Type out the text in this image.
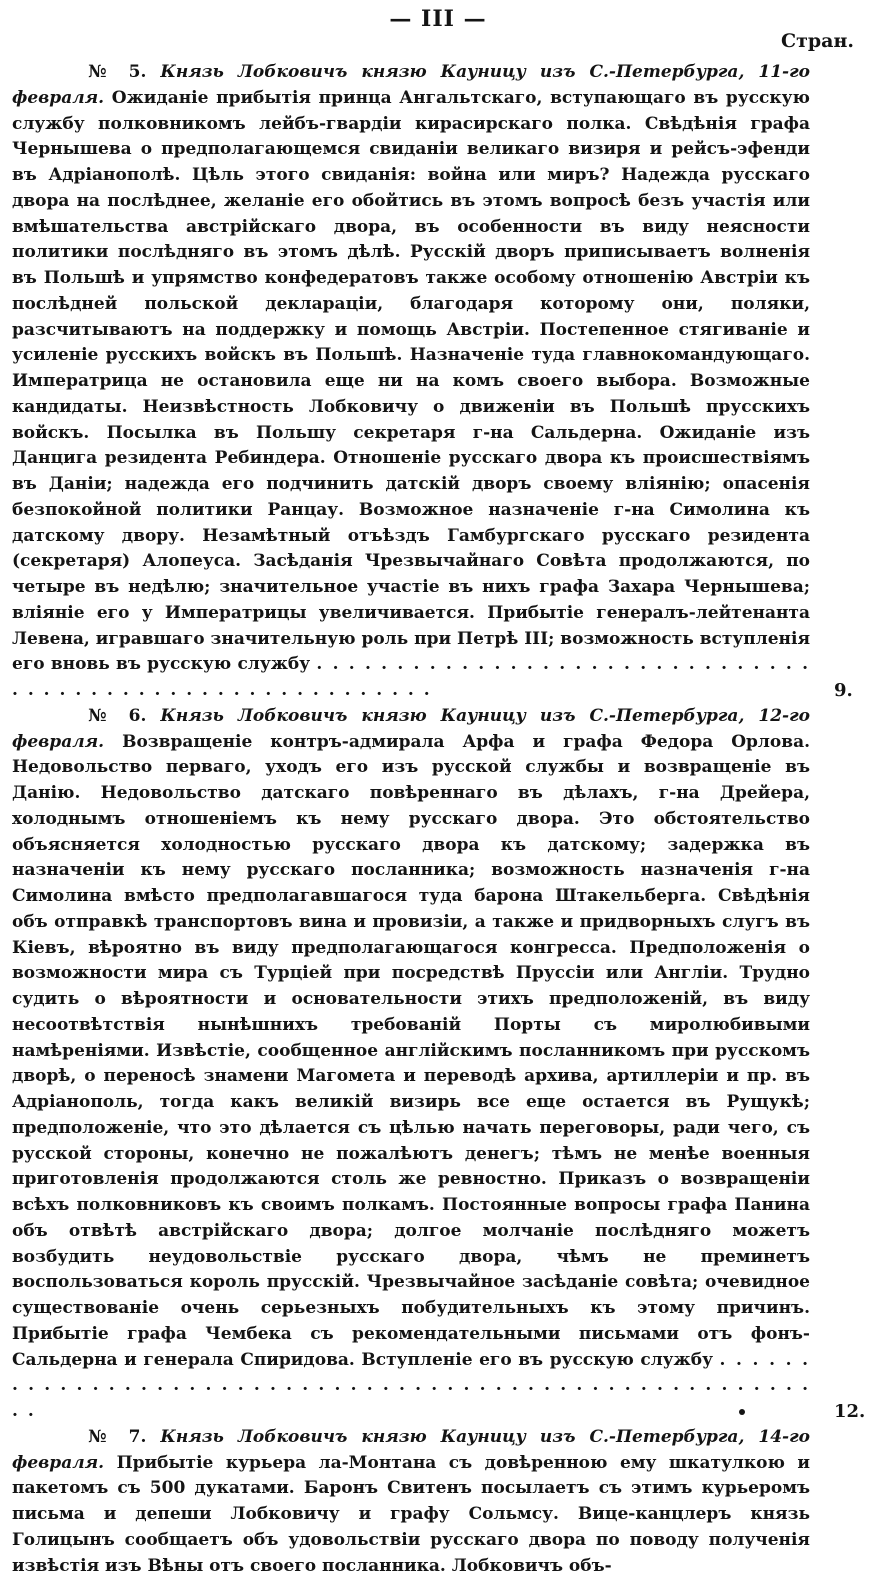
— III —
Стран.

№ 5. Князь Лобковичъ князю Кауницу изъ С.-Петербурга, 11-го февраля. Ожиданіе прибытія принца Ангальтскаго, вступающаго въ русскую службу полковникомъ лейбъ-гвардіи кирасирскаго полка. Свѣдѣнія графа Чернышева о предполагающемся свиданіи великаго визиря и рейсъ-эфенди въ Адріанополѣ. Цѣль этого свиданія: война или миръ? Надежда русскаго двора на послѣднее, желаніе его обойтись въ этомъ вопросѣ безъ участія или вмѣшательства австрійскаго двора, въ особенности въ виду неясности политики послѣдняго въ этомъ дѣлѣ. Русскій дворъ приписываетъ волненія въ Польшѣ и упрямство конфедератовъ также особому отношенію Австріи къ послѣдней польской деклараціи, благодаря которому они, поляки, разсчитываютъ на поддержку и помощь Австріи. Постепенное стягиваніе и усиленіе русскихъ войскъ въ Польшѣ. Назначеніе туда главнокомандующаго. Императрица не остановила еще ни на комъ своего выбора. Возможные кандидаты. Неизвѣстность Лобковичу о движеніи въ Польшѣ прусскихъ войскъ. Посылка въ Польшу секретаря г-на Сальдерна. Ожиданіе изъ Данцига резидента Ребиндера. Отношеніе русскаго двора къ происшествіямъ въ Даніи; надежда его подчинить датскій дворъ своему вліянію; опасенія безпокойной политики Ранцау. Возможное назначеніе г-на Симолина къ датскому двору. Незамѣтный отъѣздъ Гамбургскаго русскаго резидента (секретаря) Алопеуса. Засѣданія Чрезвычайнаго Совѣта продолжаются, по четыре въ недѣлю; значительное участіе въ нихъ графа Захара Чернышева; вліяніе его у Императрицы увеличивается. Прибытіе генералъ-лейтенанта Левена, игравшаго значительную роль при Петрѣ III; возможность вступленія его вновь въ русскую службу . . . . . . . . . . . . . . . . . . . . . . . . . . . . . . . . . . . . . . . . . . . . . . . . . . . . . . . . . .

№ 6. Князь Лобковичъ князю Кауницу изъ С.-Петербурга, 12-го февраля. Возвращеніе контръ-адмирала Арфа и графа Федора Орлова. Недовольство перваго, уходъ его изъ русской службы и возвращеніе въ Данію. Недовольство датскаго повѣреннаго въ дѣлахъ, г-на Дрейера, холоднымъ отношеніемъ къ нему русскаго двора. Это обстоятельство объясняется холодностью русскаго двора къ датскому; задержка въ назначеніи къ нему русскаго посланника; возможность назначенія г-на Симолина вмѣсто предполагавшагося туда барона Штакельберга. Свѣдѣнія объ отправкѣ транспортовъ вина и провизіи, а также и придворныхъ слугъ въ Кіевъ, вѣроятно въ виду предполагающагося конгресса. Предположенія о возможности мира съ Турціей при посредствѣ Пруссіи или Англіи. Трудно судить о вѣроятности и основательности этихъ предположеній, въ виду несоотвѣтствія нынѣшнихъ требованій Порты съ миролюбивыми намѣреніями. Извѣстіе, сообщенное англійскимъ посланникомъ при русскомъ дворѣ, о переносѣ знамени Магомета и переводѣ архива, артиллеріи и пр. въ Адріанополь, тогда какъ великій визирь все еще остается въ Рущукѣ; предположеніе, что это дѣлается съ цѣлью начать переговоры, ради чего, съ русской стороны, конечно не пожалѣютъ денегъ; тѣмъ не менѣе военныя приготовленія продолжаются столь же ревностно. Приказъ о возвращеніи всѣхъ полковниковъ къ своимъ полкамъ. Постоянные вопросы графа Панина объ отвѣтѣ австрійскаго двора; долгое молчаніе послѣдняго можетъ возбудить неудовольствіе русскаго двора, чѣмъ не преминетъ воспользоваться король прусскій. Чрезвычайное засѣданіе совѣта; очевидное существованіе очень серьезныхъ побудительныхъ къ этому причинъ. Прибытіе графа Чембека съ рекомендательными письмами отъ фонъ-Сальдерна и генерала Спиридова. Вступленіе его въ русскую службу . . . . . . . . . . . . . . . . . . . . . . . . . . . . . . . . . . . . . . . . . . . . . . . . . . . . . . . . . .

№ 7. Князь Лобковичъ князю Кауницу изъ С.-Петербурга, 14-го февраля. Прибытіе курьера ла-Монтана съ довѣренною ему шкатулкою и пакетомъ съ 500 дукатами. Баронъ Свитенъ посылаетъ съ этимъ курьеромъ письма и депеши Лобковичу и графу Сольмсу. Вице-канцлеръ князь Голицынъ сообщаетъ объ удовольствіи русскаго двора по поводу полученія извѣстія изъ Вѣны отъ своего посланника. Лобковичъ объ-

9.
12.
